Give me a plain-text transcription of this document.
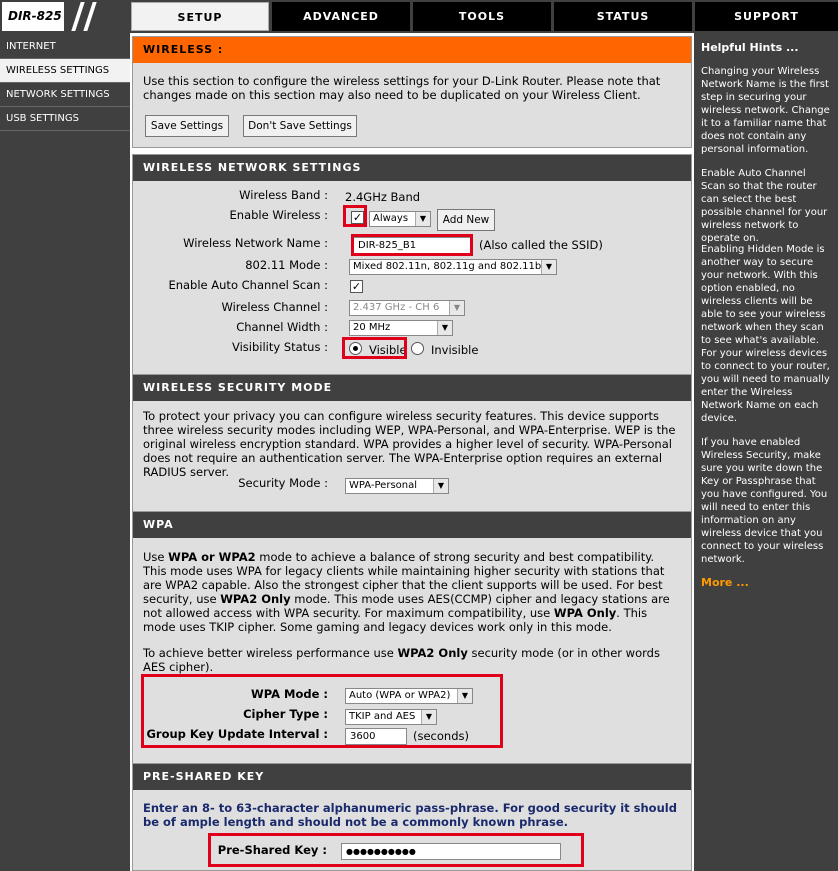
DIR-825	SETUP	ADVANCED	TOOLS	STATUS	SUPPORT
INTERNET
WIRELESS SETTINGS
NETWORK SETTINGS
USB SETTINGS
WIRELESS :
Use this section to configure the wireless settings for your D-Link Router. Please note that changes made on this section may also need to be duplicated on your Wireless Client.
Save Settings	Don't Save Settings
WIRELESS NETWORK SETTINGS
Wireless Band : 2.4GHz Band
Enable Wireless : ✓	Always	▼	Add New
Wireless Network Name :	DIR-825_B1	(Also called the SSID)
802.11 Mode :	Mixed 802.11n, 802.11g and 802.11b ▼
Enable Auto Channel Scan : ✓
Wireless Channel :	2.437 GHz - CH 6	▼
Channel Width :	20 MHz	▼
Visibility Status :	Visible Invisible
WIRELESS SECURITY MODE
To protect your privacy you can configure wireless security features. This device supports three wireless security modes including WEP, WPA-Personal, and WPA-Enterprise. WEP is the original wireless encryption standard. WPA provides a higher level of security. WPA-Personal does not require an authentication server. The WPA-Enterprise option requires an external RADIUS server.
Security Mode :	WPA-Personal	▼
WPA
Use WPA or WPA2 mode to achieve a balance of strong security and best compatibility. This mode uses WPA for legacy clients while maintaining higher security with stations that are WPA2 capable. Also the strongest cipher that the client supports will be used. For best security, use WPA2 Only mode. This mode uses AES(CCMP) cipher and legacy stations are not allowed access with WPA security. For maximum compatibility, use WPA Only. This mode uses TKIP cipher. Some gaming and legacy devices work only in this mode.
To achieve better wireless performance use WPA2 Only security mode (or in other words AES cipher).
WPA Mode :	Auto (WPA or WPA2)	▼
Cipher Type :	TKIP and AES	▼
Group Key Update Interval :	3600	(seconds)
PRE-SHARED KEY
Enter an 8- to 63-character alphanumeric pass-phrase. For good security it should be of ample length and should not be a commonly known phrase.
Pre-Shared Key :	●●●●●●●●●●
Helpful Hints ...
Changing your Wireless Network Name is the first step in securing your wireless network. Change it to a familiar name that does not contain any personal information.
Enable Auto Channel Scan so that the router can select the best possible channel for your wireless network to operate on.
Enabling Hidden Mode is another way to secure your network. With this option enabled, no wireless clients will be able to see your wireless network when they scan to see what's available. For your wireless devices to connect to your router, you will need to manually enter the Wireless Network Name on each device.
If you have enabled Wireless Security, make sure you write down the Key or Passphrase that you have configured. You will need to enter this information on any wireless device that you connect to your wireless network.
More ...
